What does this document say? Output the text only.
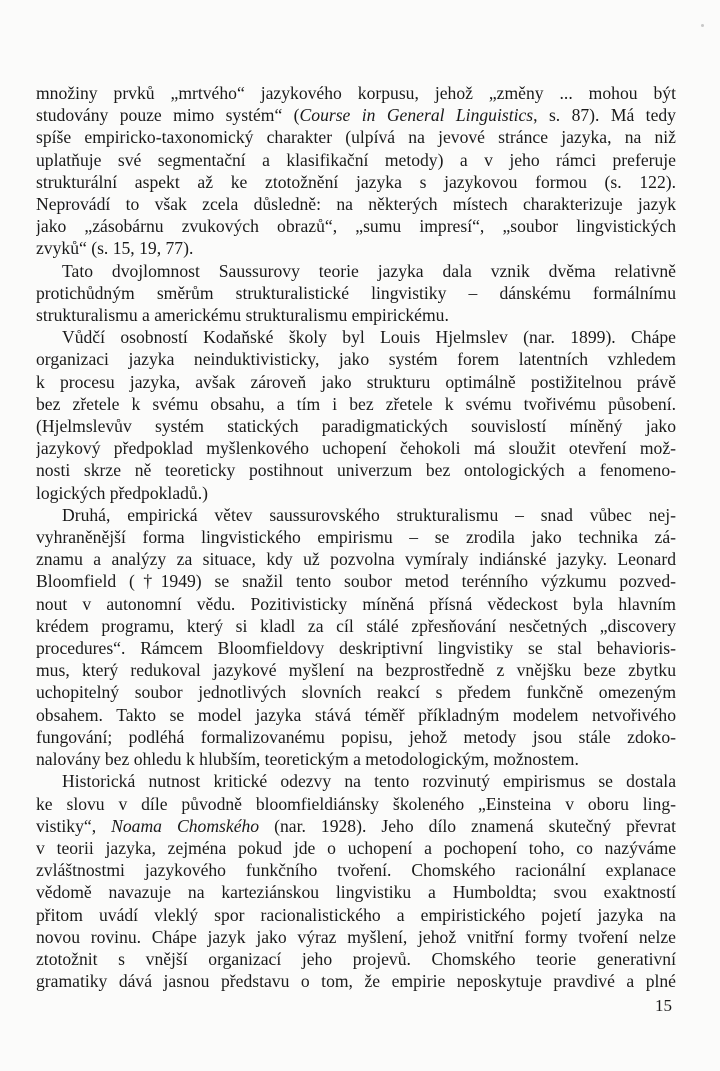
množiny prvků „mrtvého“ jazykového korpusu, jehož „změny ... mohou být
studovány pouze mimo systém“ (Course in General Linguistics, s. 87). Má tedy
spíše empiricko-taxonomický charakter (ulpívá na jevové stránce jazyka, na niž
uplatňuje své segmentační a klasifikační metody) a v jeho rámci preferuje
strukturální aspekt až ke ztotožnění jazyka s jazykovou formou (s. 122).
Neprovádí to však zcela důsledně: na některých místech charakterizuje jazyk
jako „zásobárnu zvukových obrazů“, „sumu impresí“, „soubor lingvistických
zvyků“ (s. 15, 19, 77).

Tato dvojlomnost Saussurovy teorie jazyka dala vznik dvěma relativně
protichůdným směrům strukturalistické lingvistiky – dánskému formálnímu
strukturalismu a americkému strukturalismu empirickému.

Vůdčí osobností Kodaňské školy byl Louis Hjelmslev (nar. 1899). Chápe
organizaci jazyka neinduktivisticky, jako systém forem latentních vzhledem
k procesu jazyka, avšak zároveň jako strukturu optimálně postižitelnou právě
bez zřetele k svému obsahu, a tím i bez zřetele k svému tvořivému působení.
(Hjelmslevův systém statických paradigmatických souvislostí míněný jako
jazykový předpoklad myšlenkového uchopení čehokoli má sloužit otevření mož-
nosti skrze ně teoreticky postihnout univerzum bez ontologických a fenomeno-
logických předpokladů.)

Druhá, empirická větev saussurovského strukturalismu – snad vůbec nej-
vyhraněnější forma lingvistického empirismu – se zrodila jako technika zá-
znamu a analýzy za situace, kdy už pozvolna vymíraly indiánské jazyky. Leonard
Bloomfield (†1949) se snažil tento soubor metod terénního výzkumu pozved-
nout v autonomní vědu. Pozitivisticky míněná přísná vědeckost byla hlavním
krédem programu, který si kladl za cíl stálé zpřesňování nesčetných „discovery
procedures“. Rámcem Bloomfieldovy deskriptivní lingvistiky se stal behavioris-
mus, který redukoval jazykové myšlení na bezprostředně z vnějšku beze zbytku
uchopitelný soubor jednotlivých slovních reakcí s předem funkčně omezeným
obsahem. Takto se model jazyka stává téměř příkladným modelem netvořivého
fungování; podléhá formalizovanému popisu, jehož metody jsou stále zdoko-
nalovány bez ohledu k hlubším, teoretickým a metodologickým, možnostem.

Historická nutnost kritické odezvy na tento rozvinutý empirismus se dostala
ke slovu v díle původně bloomfieldiánsky školeného „Einsteina v oboru ling-
vistiky“, Noama Chomského (nar. 1928). Jeho dílo znamená skutečný převrat
v teorii jazyka, zejména pokud jde o uchopení a pochopení toho, co nazýváme
zvláštnostmi jazykového funkčního tvoření. Chomského racionální explanace
vědomě navazuje na karteziánskou lingvistiku a Humboldta; svou exaktností
přitom uvádí vleklý spor racionalistického a empiristického pojetí jazyka na
novou rovinu. Chápe jazyk jako výraz myšlení, jehož vnitřní formy tvoření nelze
ztotožnit s vnější organizací jeho projevů. Chomského teorie generativní
gramatiky dává jasnou představu o tom, že empirie neposkytuje pravdivé a plné

15
